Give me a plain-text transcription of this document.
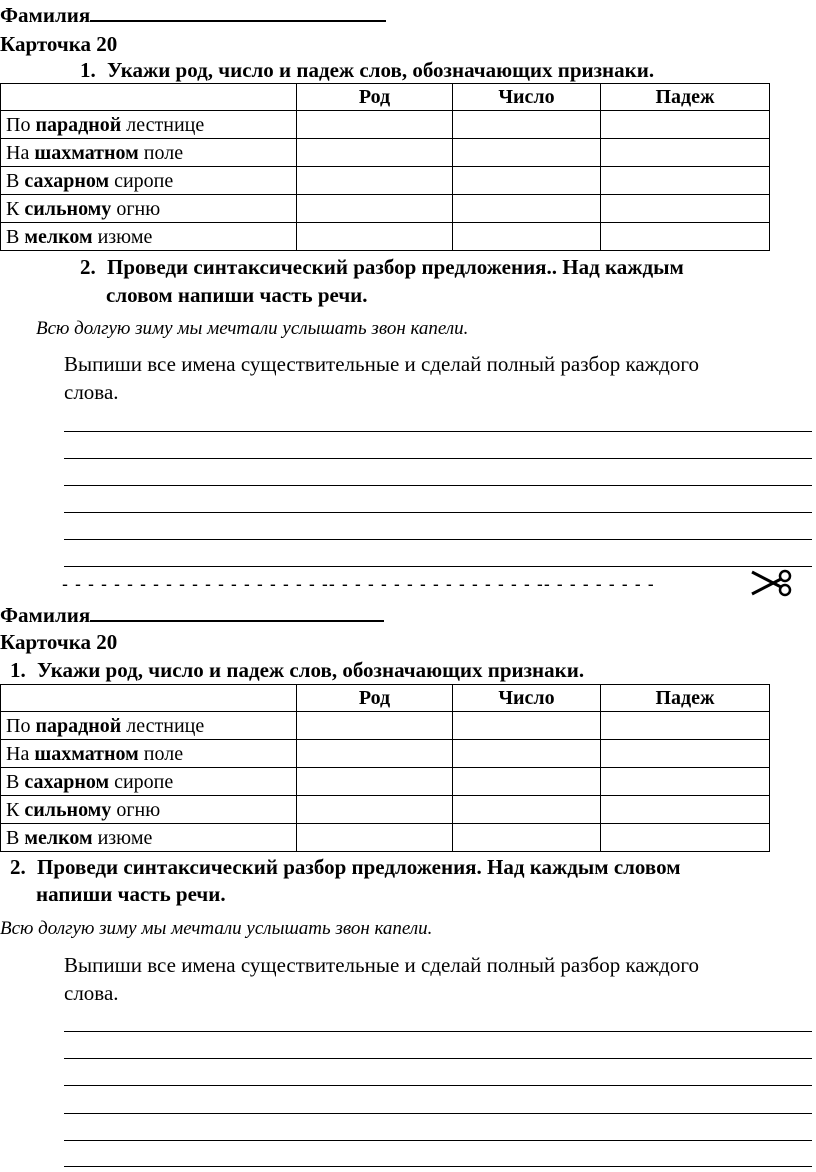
Фамилия
Карточка 20
1. Укажи род, число и падеж слов, обозначающих признаки.
	Род	Число	Падеж
По парадной лестнице			
На шахматном поле			
В сахарном сиропе			
К сильному огню			
В мелком изюме			
2. Проведи синтаксический разбор предложения.. Над каждым
словом напиши часть речи.
Всю долгую зиму мы мечтали услышать звон капели.
Выпиши все имена существительные и сделай полный разбор каждого
слова.
- - - - - - - - - - - - - - - - - - - - -- - - - - - - - - - - - - - - - -- - - - - - - - -
Фамилия
Карточка 20
1. Укажи род, число и падеж слов, обозначающих признаки.
	Род	Число	Падеж
По парадной лестнице			
На шахматном поле			
В сахарном сиропе			
К сильному огню			
В мелком изюме			
2. Проведи синтаксический разбор предложения. Над каждым словом
напиши часть речи.
Всю долгую зиму мы мечтали услышать звон капели.
Выпиши все имена существительные и сделай полный разбор каждого
слова.
